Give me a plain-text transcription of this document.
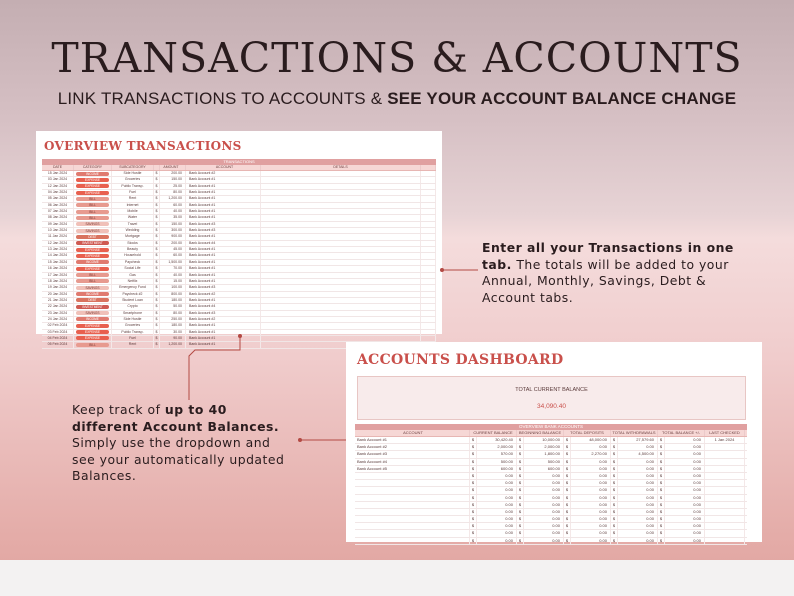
TRANSACTIONS & ACCOUNTS
LINK TRANSACTIONS TO ACCOUNTS & SEE YOUR ACCOUNT BALANCE CHANGE
OVERVIEW TRANSACTIONS
TRANSACTIONS
DATE	CATEGORY	SUBCATEGORY	AMOUNT	ACCOUNT	DETAILS
15 Jan 2024	INCOME	Side Hustle	$	200.00	Bank Account #2
03 Jan 2024	EXPENSE	Groceries	$	150.00	Bank Account #1
12 Jan 2024	EXPENSE	Public Transp.	$	25.00	Bank Account #1
04 Jan 2024	EXPENSE	Fuel	$	80.00	Bank Account #1
05 Jan 2024	BILL	Rent	$	1,200.00	Bank Account #1
06 Jan 2024	BILL	Internet	$	60.00	Bank Account #1
07 Jan 2024	BILL	Mobile	$	40.00	Bank Account #1
08 Jan 2024	BILL	Water	$	35.00	Bank Account #1
09 Jan 2024	SAVINGS	Travel	$	150.00	Bank Account #3
10 Jan 2024	SAVINGS	Wedding	$	300.00	Bank Account #3
11 Jan 2024	DEBT	Mortgage	$	900.00	Bank Account #1
12 Jan 2024	INVESTMENT	Stocks	$	200.00	Bank Account #4
13 Jan 2024	EXPENSE	Beauty	$	45.00	Bank Account #1
14 Jan 2024	EXPENSE	Household	$	60.00	Bank Account #1
15 Jan 2024	INCOME	Paycheck	$	1,500.00	Bank Account #1
16 Jan 2024	EXPENSE	Social Life	$	70.00	Bank Account #1
17 Jan 2024	BILL	Gas	$	40.00	Bank Account #1
18 Jan 2024	BILL	Netflix	$	15.00	Bank Account #1
19 Jan 2024	SAVINGS	Emergency Fund	$	100.00	Bank Account #3
20 Jan 2024	INCOME	Paycheck #2	$	800.00	Bank Account #2
21 Jan 2024	DEBT	Student Loan	$	180.00	Bank Account #1
22 Jan 2024	INVESTMENT	Crypto	$	50.00	Bank Account #4
23 Jan 2024	SAVINGS	Smartphone	$	80.00	Bank Account #3
24 Jan 2024	INCOME	Side Hustle	$	250.00	Bank Account #2
02 Feb 2024	EXPENSE	Groceries	$	180.00	Bank Account #1
03 Feb 2024	EXPENSE	Public Transp.	$	30.00	Bank Account #1
04 Feb 2024	EXPENSE	Fuel	$	90.00	Bank Account #1
05 Feb 2024	BILL	Rent	$	1,200.00	Bank Account #1
Enter all your Transactions in one tab. The totals will be added to your Annual, Monthly, Savings, Debt & Account tabs.
Keep track of up to 40 different Account Balances. Simply use the dropdown and see your automatically updated Balances.
ACCOUNTS DASHBOARD
TOTAL CURRENT BALANCE
34,090.40
OVERVIEW BANK ACCOUNTS
ACCOUNT	CURRENT BALANCE	BEGINNING BALANCE	TOTAL DEPOSITS	TOTAL WITHDRAWALS	TOTAL BALANCE +/-	LAST CHECKED
Bank Account #1	$	30,420.40	$	10,000.00	$	48,000.00	$	27,579.60	$	0.00	1 Jan 2024
Bank Account #2	$	2,000.00	$	2,000.00	$	0.00	$	0.00	$	0.00
Bank Account #3	$	570.00	$	1,800.00	$	2,270.00	$	4,500.00	$	0.00
Bank Account #4	$	500.00	$	500.00	$	0.00	$	0.00	$	0.00
Bank Account #5	$	600.00	$	600.00	$	0.00	$	0.00	$	0.00
$	0.00	$	0.00	$	0.00	$	0.00	$	0.00
$	0.00	$	0.00	$	0.00	$	0.00	$	0.00
$	0.00	$	0.00	$	0.00	$	0.00	$	0.00
$	0.00	$	0.00	$	0.00	$	0.00	$	0.00
$	0.00	$	0.00	$	0.00	$	0.00	$	0.00
$	0.00	$	0.00	$	0.00	$	0.00	$	0.00
$	0.00	$	0.00	$	0.00	$	0.00	$	0.00
$	0.00	$	0.00	$	0.00	$	0.00	$	0.00
$	0.00	$	0.00	$	0.00	$	0.00	$	0.00
$	0.00	$	0.00	$	0.00	$	0.00	$	0.00
